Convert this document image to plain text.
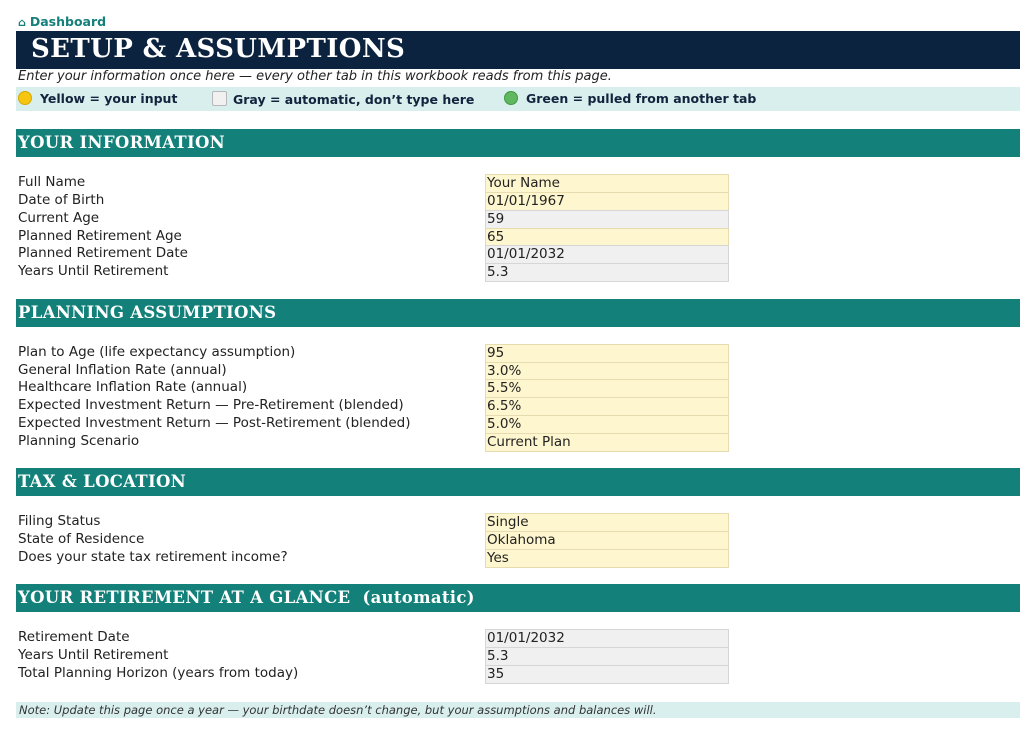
⌂ Dashboard
SETUP & ASSUMPTIONS
Enter your information once here — every other tab in this workbook reads from this page.
Yellow = your input	Gray = automatic, don’t type here	Green = pulled from another tab
YOUR INFORMATION
Full Name	Your Name
Date of Birth	01/01/1967
Current Age	59
Planned Retirement Age	65
Planned Retirement Date	01/01/2032
Years Until Retirement	5.3
PLANNING ASSUMPTIONS
Plan to Age (life expectancy assumption)	95
General Inflation Rate (annual)	3.0%
Healthcare Inflation Rate (annual)	5.5%
Expected Investment Return — Pre-Retirement (blended)	6.5%
Expected Investment Return — Post-Retirement (blended)	5.0%
Planning Scenario	Current Plan
TAX & LOCATION
Filing Status	Single
State of Residence	Oklahoma
Does your state tax retirement income?	Yes
YOUR RETIREMENT AT A GLANCE  (automatic)
Retirement Date	01/01/2032
Years Until Retirement	5.3
Total Planning Horizon (years from today)	35
Note: Update this page once a year — your birthdate doesn’t change, but your assumptions and balances will.
